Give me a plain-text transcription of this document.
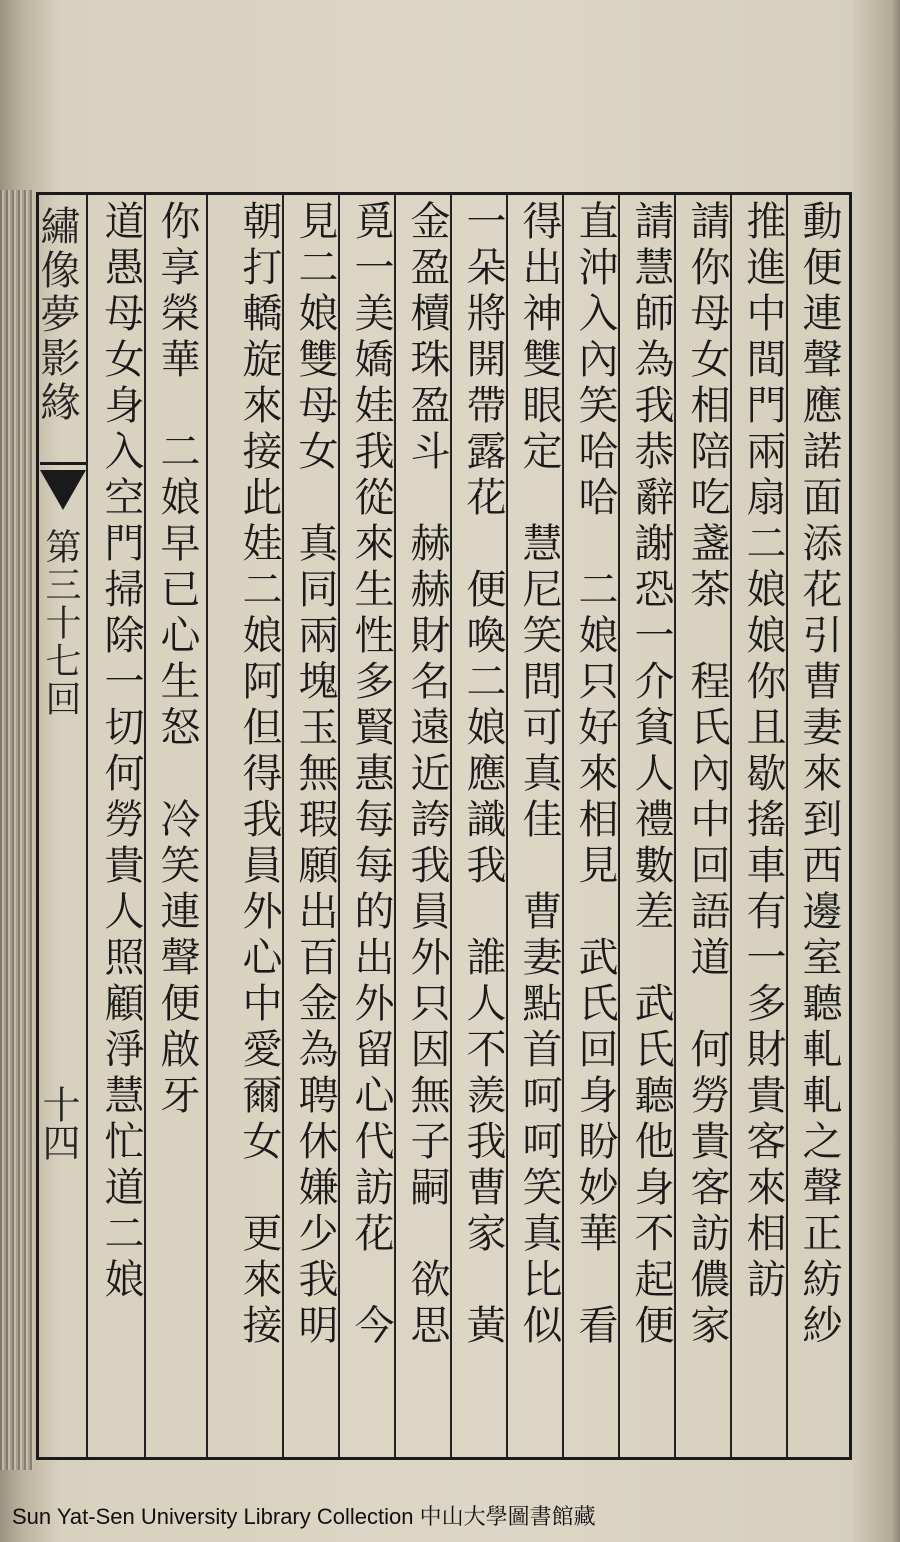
繡像夢影緣
第三十七回
十四	動便連聲應諾面添花引曹妻來到西邊室聽軋軋之聲正紡紗
推進中間門兩扇二娘娘你且歇搖車有一多財貴客來相訪
請你母女相陪吃盞茶　程氏內中回語道　何勞貴客訪儂家
請慧師為我恭辭謝恐一介貧人禮數差　武氏聽他身不起便
直沖入內笑哈哈　二娘只好來相見　武氏回身盼妙華　看
得出神雙眼定　慧尼笑問可真佳　曹妻點首呵呵笑真比似
一朵將開帶露花　便喚二娘應識我　誰人不羨我曹家　黃
金盈櫝珠盈斗　赫赫財名遠近誇我員外只因無子嗣　欲思
覓一美嬌娃我從來生性多賢惠每每的出外留心代訪花　今
見二娘雙母女　真同兩塊玉無瑕願出百金為聘休嫌少我明
朝打轎旋來接此娃二娘阿但得我員外心中愛爾女　更來接
你享榮華　二娘早已心生怒　冷笑連聲便啟牙
道愚母女身入空門掃除一切何勞貴人照顧淨慧忙道二娘
Sun Yat-Sen University Library Collection 中山大學圖書館藏
